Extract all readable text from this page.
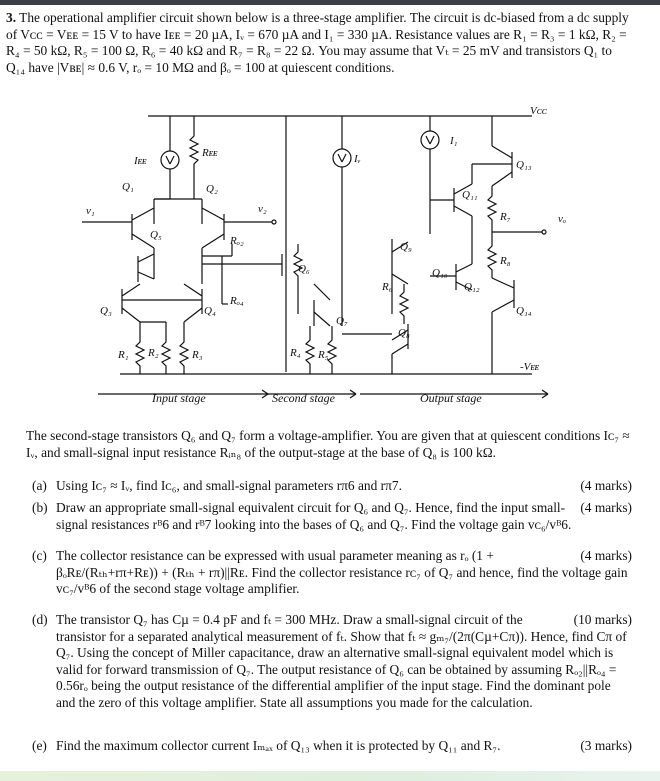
3. The operational amplifier circuit shown below is a three-stage amplifier. The circuit is dc-biased from a dc supply of Vᴄᴄ = Vᴇᴇ = 15 V to have Iᴇᴇ = 20 µA, Iᵥ = 670 µA and I₁ = 330 µA. Resistance values are R₁ = R₃ = 1 kΩ, R₂ = R₄ = 50 kΩ, R₅ = 100 Ω, R₆ = 40 kΩ and R₇ = R₈ = 22 Ω. You may assume that Vₜ = 25 mV and transistors Q₁ to Q₁₄ have |Vʙᴇ| ≈ 0.6 V, rₒ = 10 MΩ and βₒ = 100 at quiescent conditions.

Vᴄᴄ
-Vᴇᴇ
Iᴇᴇ
Rᴇᴇ	Iᵥ
I₁
v₁	v₂
vₒ
Q₁	Q₂
Q₃	Q₄
Q₅
Q₆
Q₇
Q₈
Q₉
Q₁₀
Q₁₁
Q₁₂
Q₁₃
Q₁₄
R₁ R₂	R₃	R₄ R₅
R₆
R₇
R₈
Rₒ₂
Rₒ₄
Input stage	Second stage	Output stage

The second-stage transistors Q₆ and Q₇ form a voltage-amplifier. You are given that at quiescent conditions Iᴄ₇ ≈ Iᵥ, and small-signal input resistance Rᵢₙ₈ of the output-stage at the base of Q₈ is 100 kΩ.

(a)	(4 marks)
Using Iᴄ₇ ≈ Iᵥ, find Iᴄ₆, and small-signal parameters rπ6 and rπ7.
(b)	(4 marks)
Draw an appropriate small-signal equivalent circuit for Q₆ and Q₇. Hence, find the input small-signal resistances rᴮ6 and rᴮ7 looking into the bases of Q₆ and Q₇. Find the voltage gain vᴄ₆/vᴮ6.
(c)	(4 marks)
The collector resistance can be expressed with usual parameter meaning as rₒ (1 + βₒRᴇ/(Rₜₕ+rπ+Rᴇ)) + (Rₜₕ + rπ)||Rᴇ. Find the collector resistance rᴄ₇ of Q₇ and hence, find the voltage gain vᴄ₇/vᴮ6 of the second stage voltage amplifier.
(d)	(10 marks)
The transistor Q₇ has Cµ = 0.4 pF and fₜ = 300 MHz. Draw a small-signal circuit of the transistor for a separated analytical measurement of fₜ. Show that fₜ ≈ gₘ₇/(2π(Cµ+Cπ)). Hence, find Cπ of Q₇. Using the concept of Miller capacitance, draw an alternative small-signal equivalent model which is valid for forward transmission of Q₇. The output resistance of Q₆ can be obtained by assuming Rₒ₂||Rₒ₄ = 0.56rₒ being the output resistance of the differential amplifier of the input stage. Find the dominant pole and the zero of this voltage amplifier. State all assumptions you made for the calculation.
(e)	(3 marks)
Find the maximum collector current Iₘₐₓ of Q₁₃ when it is protected by Q₁₁ and R₇.
